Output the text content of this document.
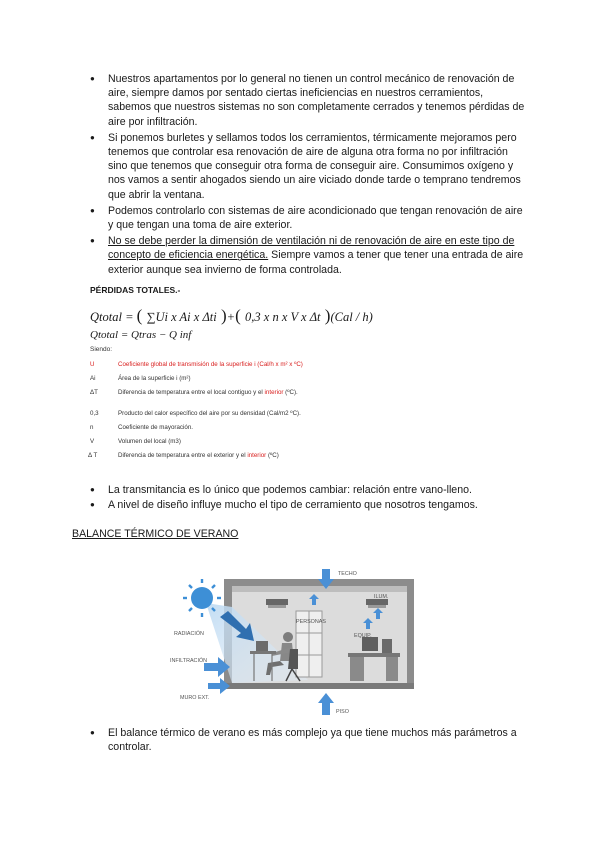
● Nuestros apartamentos por lo general no tienen un control mecánico de renovación de aire, siempre damos por sentado ciertas ineficiencias en nuestros cerramientos, sabemos que nuestros sistemas no son completamente cerrados y tenemos pérdidas de aire por infiltración.
● Si ponemos burletes y sellamos todos los cerramientos, térmicamente mejoramos pero tenemos que controlar esa renovación de aire de alguna otra forma no por infiltración sino que tenemos que conseguir otra forma de conseguir aire. Consumimos oxígeno y nos vamos a sentir ahogados siendo un aire viciado donde tarde o temprano tendremos que abrir la ventana.
● Podemos controlarlo con sistemas de aire acondicionado que tengan renovación de aire y que tengan una toma de aire exterior.
● No se debe perder la dimensión de ventilación ni de renovación de aire en este tipo de concepto de eficiencia energética. Siempre vamos a tener que tener una entrada de aire exterior aunque sea invierno de forma controlada.
PÉRDIDAS TOTALES.-
Qtotal = ( ∑Ui x Ai x Δti )+( 0,3 x n x V x Δt )(Cal / h)
Qtotal = Qtras − Q inf
Siendo:
U	Coeficiente global de transmisión de la superficie i (Cal/h x m² x ºC)
Ai	Área de la superficie i (m²)
ΔT	Diferencia de temperatura entre el local contiguo y el interior (ºC).
0,3	Producto del calor específico del aire por su densidad (Cal/m2 ºC).
n	Coeficiente de mayoración.
V	Volumen del local (m3)
Δ T	Diferencia de temperatura entre el exterior y el interior (ºC)
● La transmitancia es lo único que podemos cambiar: relación entre vano-lleno.
● A nivel de diseño influye mucho el tipo de cerramiento que nosotros tengamos.
BALANCE TÉRMICO DE VERANO
TECHO
ILUM.
PERSONAS
EQUIP.
RADIACIÓN
INFILTRACIÓN
MURO EXT.
PISO
● El balance térmico de verano es más complejo ya que tiene muchos más parámetros a controlar.
